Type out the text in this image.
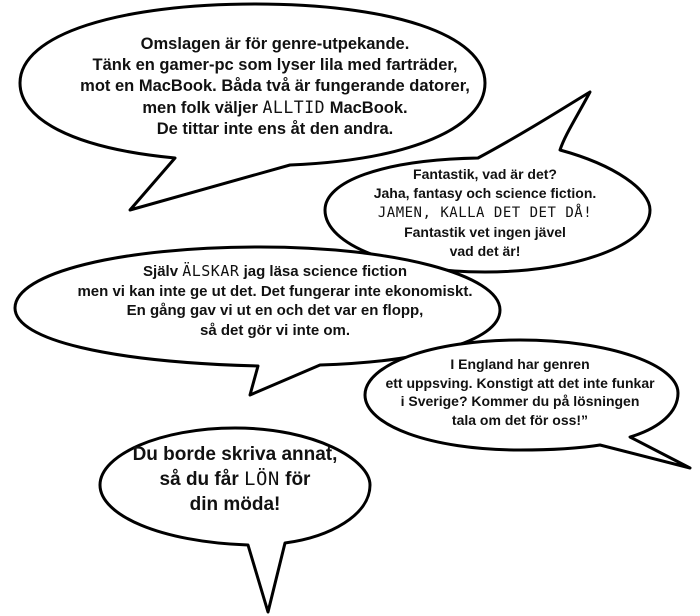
Omslagen är för genre-utpekande.
Tänk en gamer-pc som lyser lila med farträder,
mot en MacBook. Båda två är fungerande datorer,
men folk väljer ALLTID MacBook.
De tittar inte ens åt den andra.
Fantastik, vad är det?
Jaha, fantasy och science fiction.
JAMEN, KALLA DET DET DÅ!
Fantastik vet ingen jävel
vad det är!
Själv ÄLSKAR jag läsa science fiction
men vi kan inte ge ut det. Det fungerar inte ekonomiskt.
En gång gav vi ut en och det var en flopp,
så det gör vi inte om.
I England har genren
ett uppsving. Konstigt att det inte funkar
i Sverige? Kommer du på lösningen
tala om det för oss!”
Du borde skriva annat,
så du får LÖN för
din möda!
